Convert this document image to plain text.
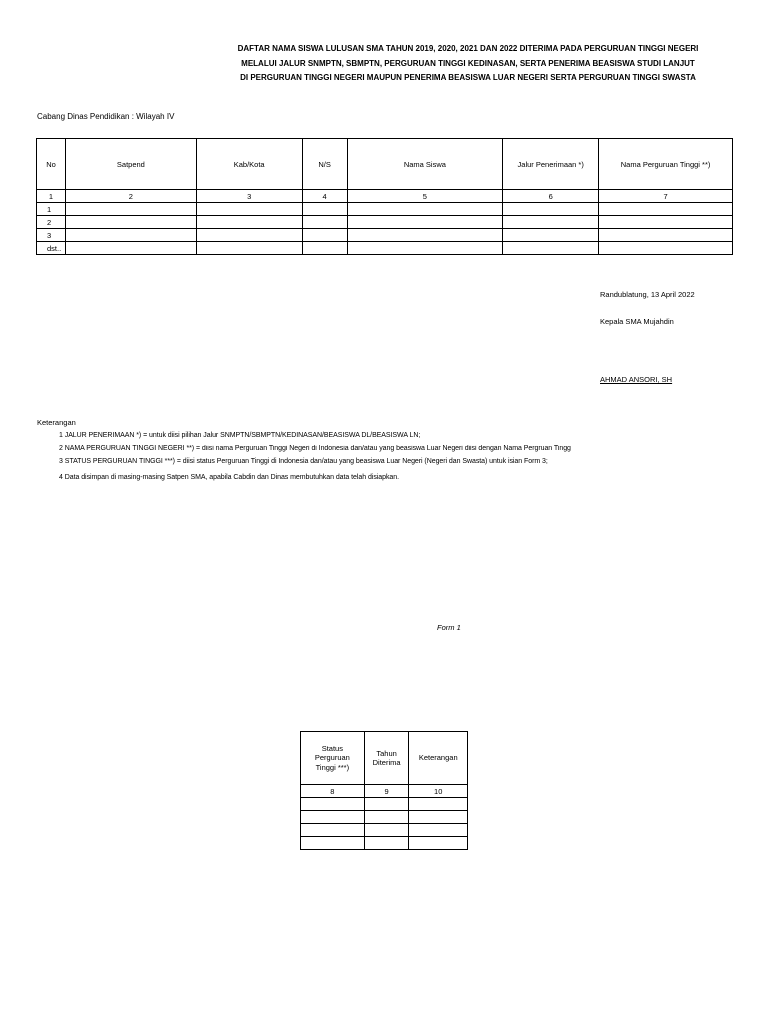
DAFTAR NAMA SISWA LULUSAN SMA TAHUN 2019, 2020, 2021 DAN 2022 DITERIMA PADA PERGURUAN TINGGI NEGERI
MELALUI JALUR SNMPTN, SBMPTN, PERGURUAN TINGGI KEDINASAN, SERTA PENERIMA BEASISWA STUDI LANJUT
DI PERGURUAN TINGGI NEGERI MAUPUN PENERIMA BEASISWA LUAR NEGERI SERTA PERGURUAN TINGGI SWASTA
Cabang Dinas Pendidikan : Wilayah IV
No	Satpend	Kab/Kota	N/S	Nama Siswa	Jalur Penerimaan *)	Nama Perguruan Tinggi **)
1	2	3	4	5	6	7
1						
2						
3						
dst..						
Randublatung, 13 April 2022
Kepala SMA Mujahdin
AHMAD ANSORI, SH
Keterangan
1 JALUR PENERIMAAN *) = untuk diisi pilihan Jalur SNMPTN/SBMPTN/KEDINASAN/BEASISWA DL/BEASISWA LN;
2 NAMA PERGURUAN TINGGI NEGERI **) = diisi nama Perguruan Tinggi Negeri di Indonesia dan/atau yang beasiswa Luar Negeri diisi dengan Nama Pergruan Tingg
3 STATUS PERGURUAN TINGGI ***) = diisi status Perguruan Tinggi di Indonesia dan/atau yang beasiswa Luar Negeri (Negeri dan Swasta) untuk isian Form 3;
4 Data disimpan di masing-masing Satpen SMA, apabila Cabdin dan Dinas membutuhkan data telah disiapkan.
Form 1
Status Perguruan Tinggi ***)	Tahun Diterima	Keterangan
8	9	10
